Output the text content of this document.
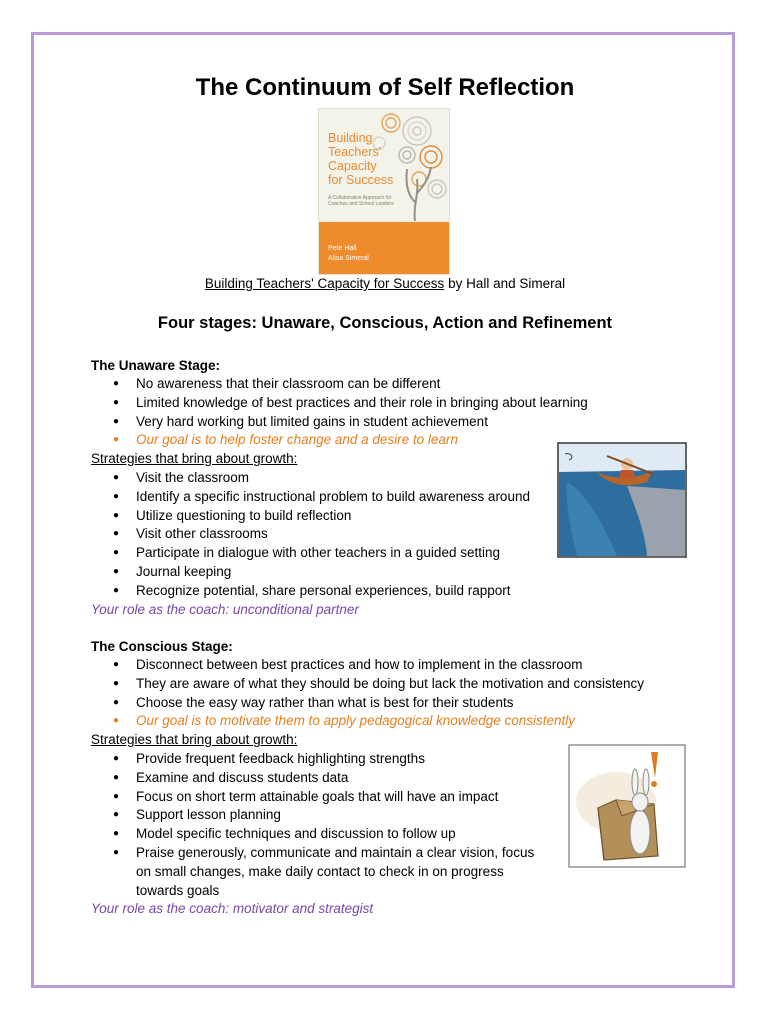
The Continuum of Self Reflection
Building
Teachers'
Capacity
for Success
A Collaborative Approach for Coaches and School Leaders
Pete Hall
Alisa Simeral
Building Teachers' Capacity for Success by Hall and Simeral
Four stages: Unaware, Conscious, Action and Refinement
The Unaware Stage:
● No awareness that their classroom can be different
● Limited knowledge of best practices and their role in bringing about learning
● Very hard working but limited gains in student achievement
● Our goal is to help foster change and a desire to learn
Strategies that bring about growth:
● Visit the classroom
● Identify a specific instructional problem to build awareness around
● Utilize questioning to build reflection
● Visit other classrooms
● Participate in dialogue with other teachers in a guided setting
● Journal keeping
● Recognize potential, share personal experiences, build rapport
Your role as the coach: unconditional partner
The Conscious Stage:
● Disconnect between best practices and how to implement in the classroom
● They are aware of what they should be doing but lack the motivation and consistency
● Choose the easy way rather than what is best for their students
● Our goal is to motivate them to apply pedagogical knowledge consistently
Strategies that bring about growth:
● Provide frequent feedback highlighting strengths
● Examine and discuss students data
● Focus on short term attainable goals that will have an impact
● Support lesson planning
● Model specific techniques and discussion to follow up
● Praise generously, communicate and maintain a clear vision, focus on small changes, make daily contact to check in on progress towards goals
Your role as the coach: motivator and strategist
